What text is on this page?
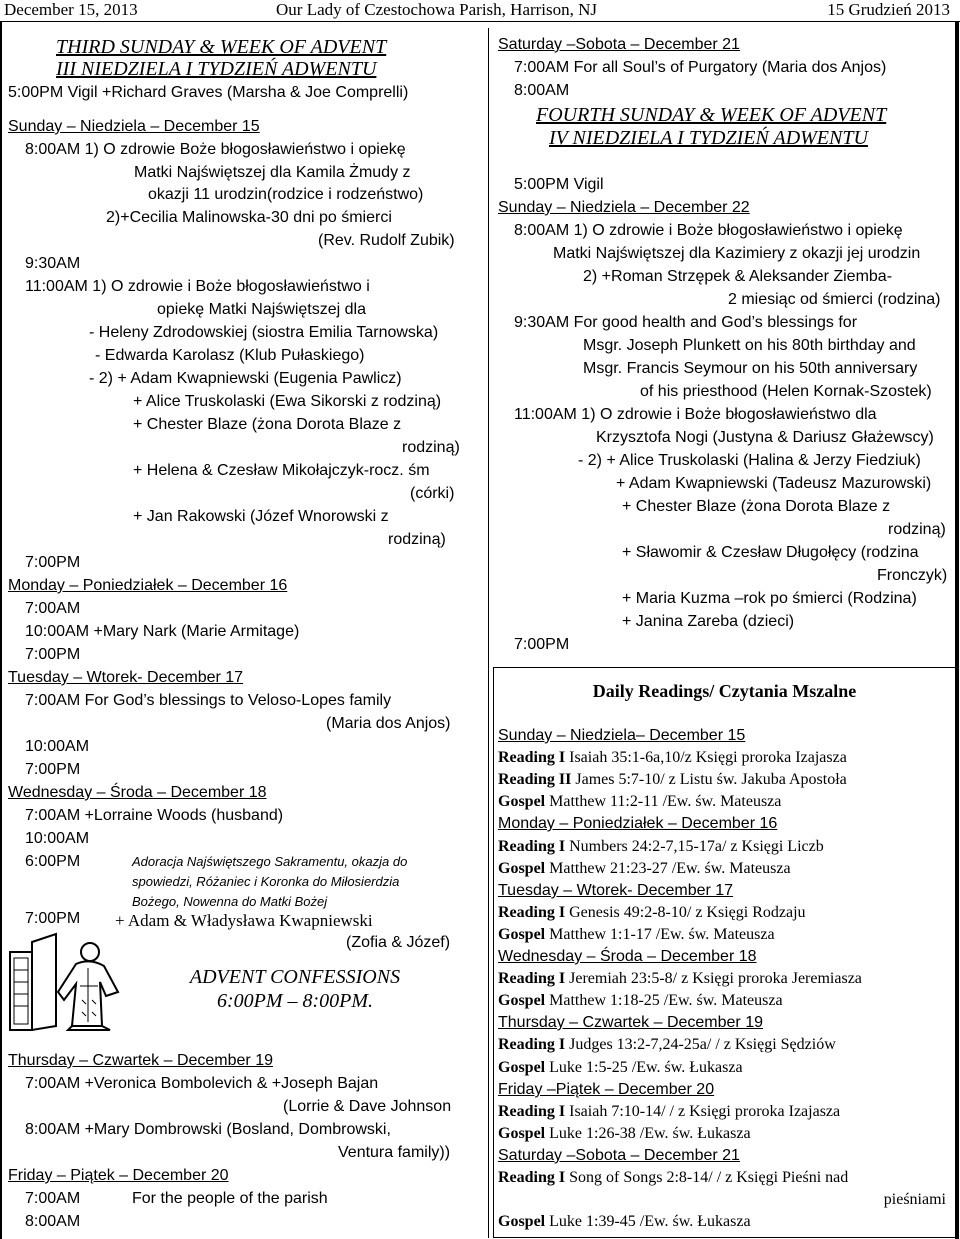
December 15, 2013	Our Lady of Czestochowa Parish, Harrison, NJ	15 Grudzień 2013
THIRD SUNDAY & WEEK OF ADVENT
III NIEDZIELA I TYDZIEŃ ADWENTU
5:00PM Vigil +Richard Graves (Marsha & Joe Comprelli)
Sunday – Niedziela – December 15
8:00AM 1) O zdrowie Boże błogosławieństwo i opiekę
Matki Najświętszej dla Kamila Żmudy z
okazji 11 urodzin(rodzice i rodzeństwo)
2)+Cecilia Malinowska-30 dni po śmierci
(Rev. Rudolf Zubik)
9:30AM
11:00AM 1) O zdrowie i Boże błogosławieństwo i
opiekę Matki Najświętszej dla
- Heleny Zdrodowskiej (siostra Emilia Tarnowska)
- Edwarda Karolasz (Klub Pułaskiego)
- 2) + Adam Kwapniewski (Eugenia Pawlicz)
+ Alice Truskolaski (Ewa Sikorski z rodziną)
+ Chester Blaze (żona Dorota Blaze z
rodziną)
+ Helena & Czesław Mikołajczyk-rocz. śm
(córki)
+ Jan Rakowski (Józef Wnorowski z
rodziną)
7:00PM
Monday – Poniedziałek – December 16
7:00AM
10:00AM +Mary Nark (Marie Armitage)
7:00PM
Tuesday – Wtorek- December 17
7:00AM For God’s blessings to Veloso-Lopes family
(Maria dos Anjos)
10:00AM
7:00PM
Wednesday – Środa – December 18
7:00AM +Lorraine Woods (husband)
10:00AM
6:00PM	Adoracja Najświętszego Sakramentu, okazja do
spowiedzi, Różaniec i Koronka do Miłosierdzia
Bożego, Nowenna do Matki Bożej
7:00PM + Adam & Władysława Kwapniewski
(Zofia & Józef)
ADVENT CONFESSIONS
6:00PM – 8:00PM.
Thursday – Czwartek – December 19
7:00AM +Veronica Bombolevich & +Joseph Bajan
(Lorrie & Dave Johnson
8:00AM +Mary Dombrowski (Bosland, Dombrowski,
Ventura family))
Friday – Piątek – December 20
7:00AM	For the people of the parish
8:00AM
Saturday –Sobota – December 21
7:00AM For all Soul’s of Purgatory (Maria dos Anjos)
8:00AM
FOURTH SUNDAY & WEEK OF ADVENT
IV NIEDZIELA I TYDZIEŃ ADWENTU
5:00PM Vigil
Sunday – Niedziela – December 22
8:00AM 1) O zdrowie i Boże błogosławieństwo i opiekę
Matki Najświętszej dla Kazimiery z okazji jej urodzin
2) +Roman Strzępek & Aleksander Ziemba-
2 miesiąc od śmierci (rodzina)
9:30AM For good health and God’s blessings for
Msgr. Joseph Plunkett on his 80th birthday and
Msgr. Francis Seymour on his 50th anniversary
of his priesthood (Helen Kornak-Szostek)
11:00AM 1) O zdrowie i Boże błogosławieństwo dla
Krzysztofa Nogi (Justyna & Dariusz Głażewscy)
- 2) + Alice Truskolaski (Halina & Jerzy Fiedziuk)
+ Adam Kwapniewski (Tadeusz Mazurowski)
+ Chester Blaze (żona Dorota Blaze z
rodziną)
+ Sławomir & Czesław Długołęcy (rodzina
Fronczyk)
+ Maria Kuzma –rok po śmierci (Rodzina)
+ Janina Zareba (dzieci)
7:00PM
Daily Readings/ Czytania Mszalne
Sunday – Niedziela– December 15
Reading I Isaiah 35:1-6a,10/z Księgi proroka Izajasza
Reading II James 5:7-10/ z Listu św. Jakuba Apostoła
Gospel Matthew 11:2-11 /Ew. św. Mateusza
Monday – Poniedziałek – December 16
Reading I Numbers 24:2-7,15-17a/ z Księgi Liczb
Gospel Matthew 21:23-27 /Ew. św. Mateusza
Tuesday – Wtorek- December 17
Reading I Genesis 49:2-8-10/ z Księgi Rodzaju
Gospel Matthew 1:1-17 /Ew. św. Mateusza
Wednesday – Środa – December 18
Reading I Jeremiah 23:5-8/ z Księgi proroka Jeremiasza
Gospel Matthew 1:18-25 /Ew. św. Mateusza
Thursday – Czwartek – December 19
Reading I Judges 13:2-7,24-25a/ / z Księgi Sędziów
Gospel Luke 1:5-25 /Ew. św. Łukasza
Friday –Piątek – December 20
Reading I Isaiah 7:10-14/ / z Księgi proroka Izajasza
Gospel Luke 1:26-38 /Ew. św. Łukasza
Saturday –Sobota – December 21
Reading I Song of Songs 2:8-14/ / z Księgi Pieśni nad
pieśniami
Gospel Luke 1:39-45 /Ew. św. Łukasza
